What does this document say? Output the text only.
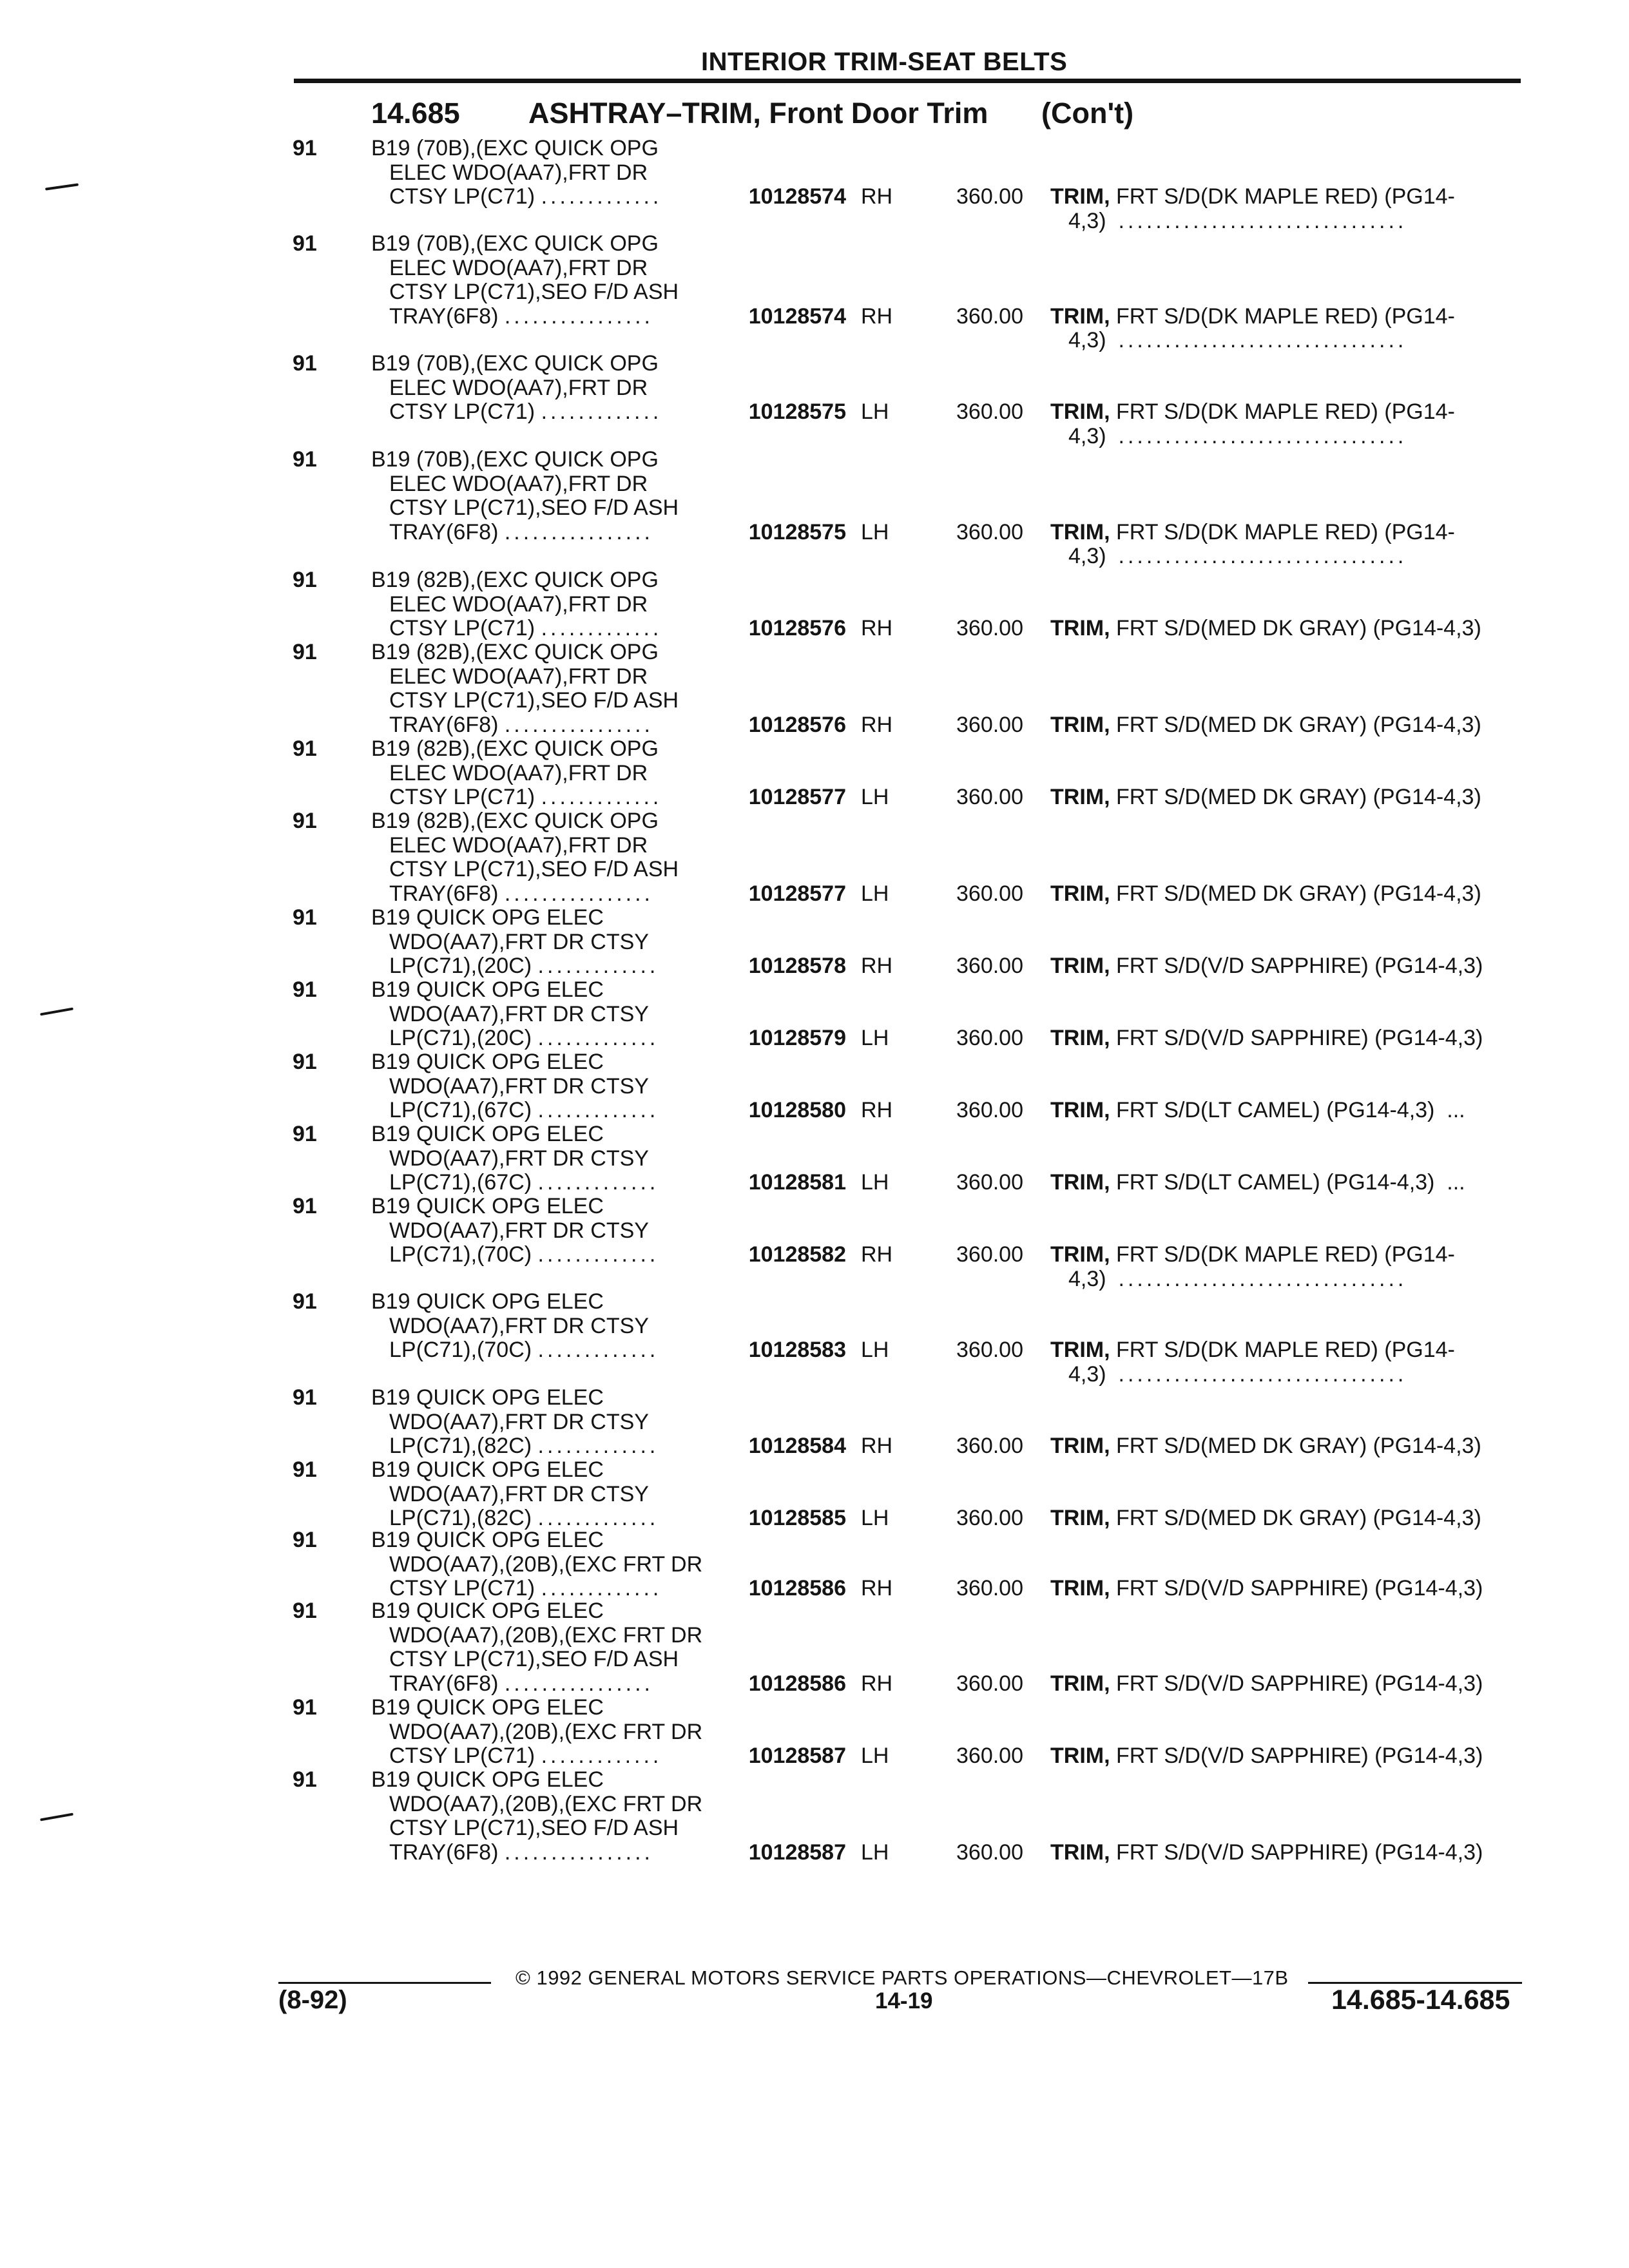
INTERIOR TRIM-SEAT BELTS

14.685

ASHTRAY–TRIM, Front Door Trim

(Con't)

91 B19 (70B),(EXC QUICK OPG
ELEC WDO(AA7),FRT DR
CTSY LP(C71) .............	10128574 RH	360.00 TRIM, FRT S/D(DK MAPLE RED) (PG14-
4,3) ...............................
91 B19 (70B),(EXC QUICK OPG
ELEC WDO(AA7),FRT DR
CTSY LP(C71),SEO F/D ASH
TRAY(6F8) ................	10128574 RH	360.00 TRIM, FRT S/D(DK MAPLE RED) (PG14-
4,3) ...............................
91 B19 (70B),(EXC QUICK OPG
ELEC WDO(AA7),FRT DR
CTSY LP(C71) .............	10128575 LH	360.00 TRIM, FRT S/D(DK MAPLE RED) (PG14-
4,3) ...............................
91 B19 (70B),(EXC QUICK OPG
ELEC WDO(AA7),FRT DR
CTSY LP(C71),SEO F/D ASH
TRAY(6F8) ................	10128575 LH	360.00 TRIM, FRT S/D(DK MAPLE RED) (PG14-
4,3) ...............................
91 B19 (82B),(EXC QUICK OPG
ELEC WDO(AA7),FRT DR
CTSY LP(C71) .............	10128576 RH	360.00 TRIM, FRT S/D(MED DK GRAY) (PG14-4,3)
91 B19 (82B),(EXC QUICK OPG
ELEC WDO(AA7),FRT DR
CTSY LP(C71),SEO F/D ASH
TRAY(6F8) ................	10128576 RH	360.00 TRIM, FRT S/D(MED DK GRAY) (PG14-4,3)
91 B19 (82B),(EXC QUICK OPG
ELEC WDO(AA7),FRT DR
CTSY LP(C71) .............	10128577 LH	360.00 TRIM, FRT S/D(MED DK GRAY) (PG14-4,3)
91 B19 (82B),(EXC QUICK OPG
ELEC WDO(AA7),FRT DR
CTSY LP(C71),SEO F/D ASH
TRAY(6F8) ................	10128577 LH	360.00 TRIM, FRT S/D(MED DK GRAY) (PG14-4,3)
91 B19 QUICK OPG ELEC
WDO(AA7),FRT DR CTSY
LP(C71),(20C) .............	10128578 RH	360.00 TRIM, FRT S/D(V/D SAPPHIRE) (PG14-4,3)
91 B19 QUICK OPG ELEC
WDO(AA7),FRT DR CTSY
LP(C71),(20C) .............	10128579 LH	360.00 TRIM, FRT S/D(V/D SAPPHIRE) (PG14-4,3)
91 B19 QUICK OPG ELEC
WDO(AA7),FRT DR CTSY
LP(C71),(67C) .............	10128580 RH	360.00 TRIM, FRT S/D(LT CAMEL) (PG14-4,3)  ...
91 B19 QUICK OPG ELEC
WDO(AA7),FRT DR CTSY
LP(C71),(67C) .............	10128581 LH	360.00 TRIM, FRT S/D(LT CAMEL) (PG14-4,3)  ...
91 B19 QUICK OPG ELEC
WDO(AA7),FRT DR CTSY
LP(C71),(70C) .............	10128582 RH	360.00 TRIM, FRT S/D(DK MAPLE RED) (PG14-
4,3) ...............................
91 B19 QUICK OPG ELEC
WDO(AA7),FRT DR CTSY
LP(C71),(70C) .............	10128583 LH	360.00 TRIM, FRT S/D(DK MAPLE RED) (PG14-
4,3) ...............................
91 B19 QUICK OPG ELEC
WDO(AA7),FRT DR CTSY
LP(C71),(82C) .............	10128584 RH	360.00 TRIM, FRT S/D(MED DK GRAY) (PG14-4,3)
91 B19 QUICK OPG ELEC
WDO(AA7),FRT DR CTSY
LP(C71),(82C) .............	10128585 LH	360.00 TRIM, FRT S/D(MED DK GRAY) (PG14-4,3)
91 B19 QUICK OPG ELEC
WDO(AA7),(20B),(EXC FRT DR
CTSY LP(C71) .............	10128586 RH	360.00 TRIM, FRT S/D(V/D SAPPHIRE) (PG14-4,3)
91 B19 QUICK OPG ELEC
WDO(AA7),(20B),(EXC FRT DR
CTSY LP(C71),SEO F/D ASH
TRAY(6F8) ................	10128586 RH	360.00 TRIM, FRT S/D(V/D SAPPHIRE) (PG14-4,3)
91 B19 QUICK OPG ELEC
WDO(AA7),(20B),(EXC FRT DR
CTSY LP(C71) .............	10128587 LH	360.00 TRIM, FRT S/D(V/D SAPPHIRE) (PG14-4,3)
91 B19 QUICK OPG ELEC
WDO(AA7),(20B),(EXC FRT DR
CTSY LP(C71),SEO F/D ASH
TRAY(6F8) ................	10128587 LH	360.00 TRIM, FRT S/D(V/D SAPPHIRE) (PG14-4,3)
© 1992 GENERAL MOTORS SERVICE PARTS OPERATIONS—CHEVROLET—17B
(8-92)	14-19	14.685-14.685
